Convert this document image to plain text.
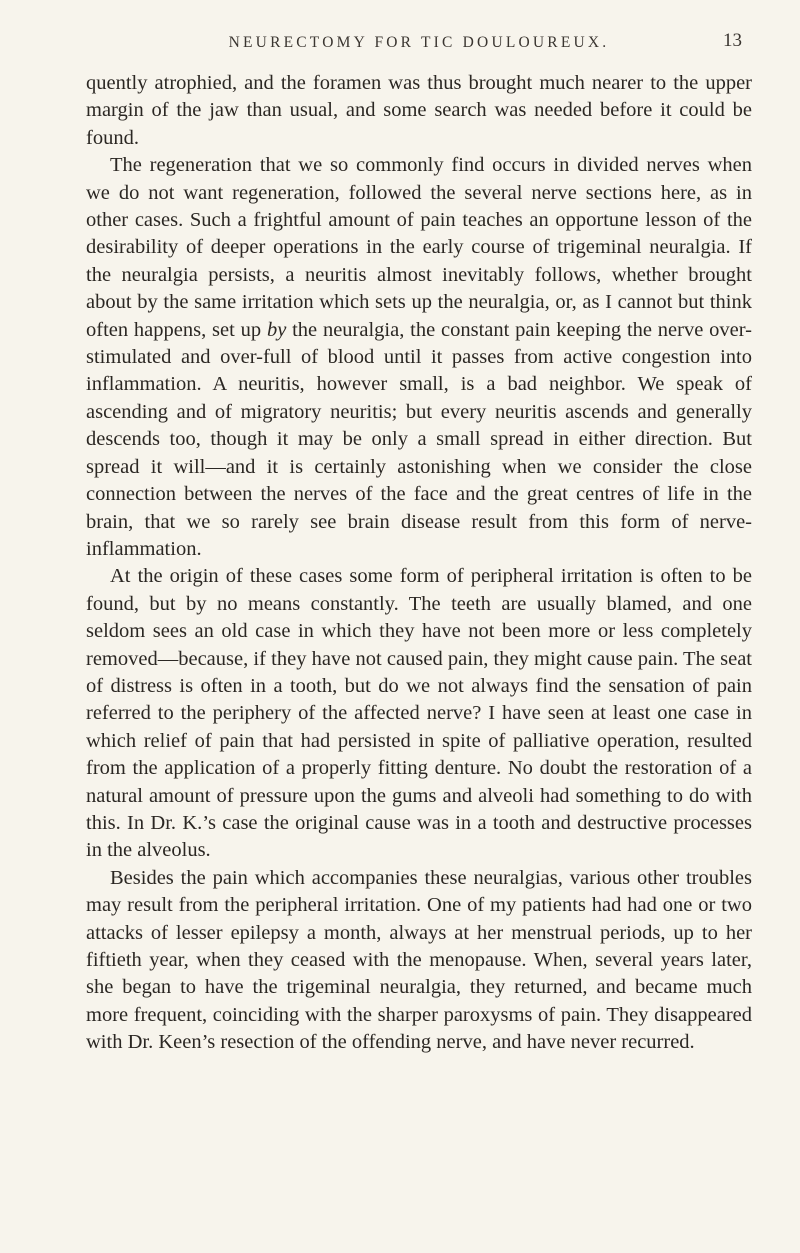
NEURECTOMY FOR TIC DOULOUREUX.	13

quently atrophied, and the foramen was thus brought much nearer to the upper margin of the jaw than usual, and some search was needed before it could be found.

The regeneration that we so commonly find occurs in divided nerves when we do not want regeneration, followed the several nerve sections here, as in other cases. Such a frightful amount of pain teaches an opportune lesson of the desirability of deeper operations in the early course of trigeminal neuralgia. If the neuralgia persists, a neuritis almost inevitably follows, whether brought about by the same irritation which sets up the neuralgia, or, as I cannot but think often happens, set up by the neuralgia, the constant pain keeping the nerve over-stimulated and over-full of blood until it passes from active congestion into inflammation. A neuritis, however small, is a bad neighbor. We speak of ascending and of migratory neuritis; but every neuritis ascends and generally descends too, though it may be only a small spread in either direction. But spread it will—and it is certainly astonishing when we consider the close connection between the nerves of the face and the great centres of life in the brain, that we so rarely see brain disease result from this form of nerve-inflammation.

At the origin of these cases some form of peripheral irritation is often to be found, but by no means constantly. The teeth are usually blamed, and one seldom sees an old case in which they have not been more or less completely removed—because, if they have not caused pain, they might cause pain. The seat of distress is often in a tooth, but do we not always find the sensation of pain referred to the periphery of the affected nerve? I have seen at least one case in which relief of pain that had persisted in spite of palliative operation, resulted from the application of a properly fitting denture. No doubt the restoration of a natural amount of pressure upon the gums and alveoli had something to do with this. In Dr. K.’s case the original cause was in a tooth and destructive processes in the alveolus.

Besides the pain which accompanies these neuralgias, various other troubles may result from the peripheral irritation. One of my patients had had one or two attacks of lesser epilepsy a month, always at her menstrual periods, up to her fiftieth year, when they ceased with the menopause. When, several years later, she began to have the trigeminal neuralgia, they returned, and became much more frequent, coinciding with the sharper paroxysms of pain. They disappeared with Dr. Keen’s resection of the offending nerve, and have never recurred.
